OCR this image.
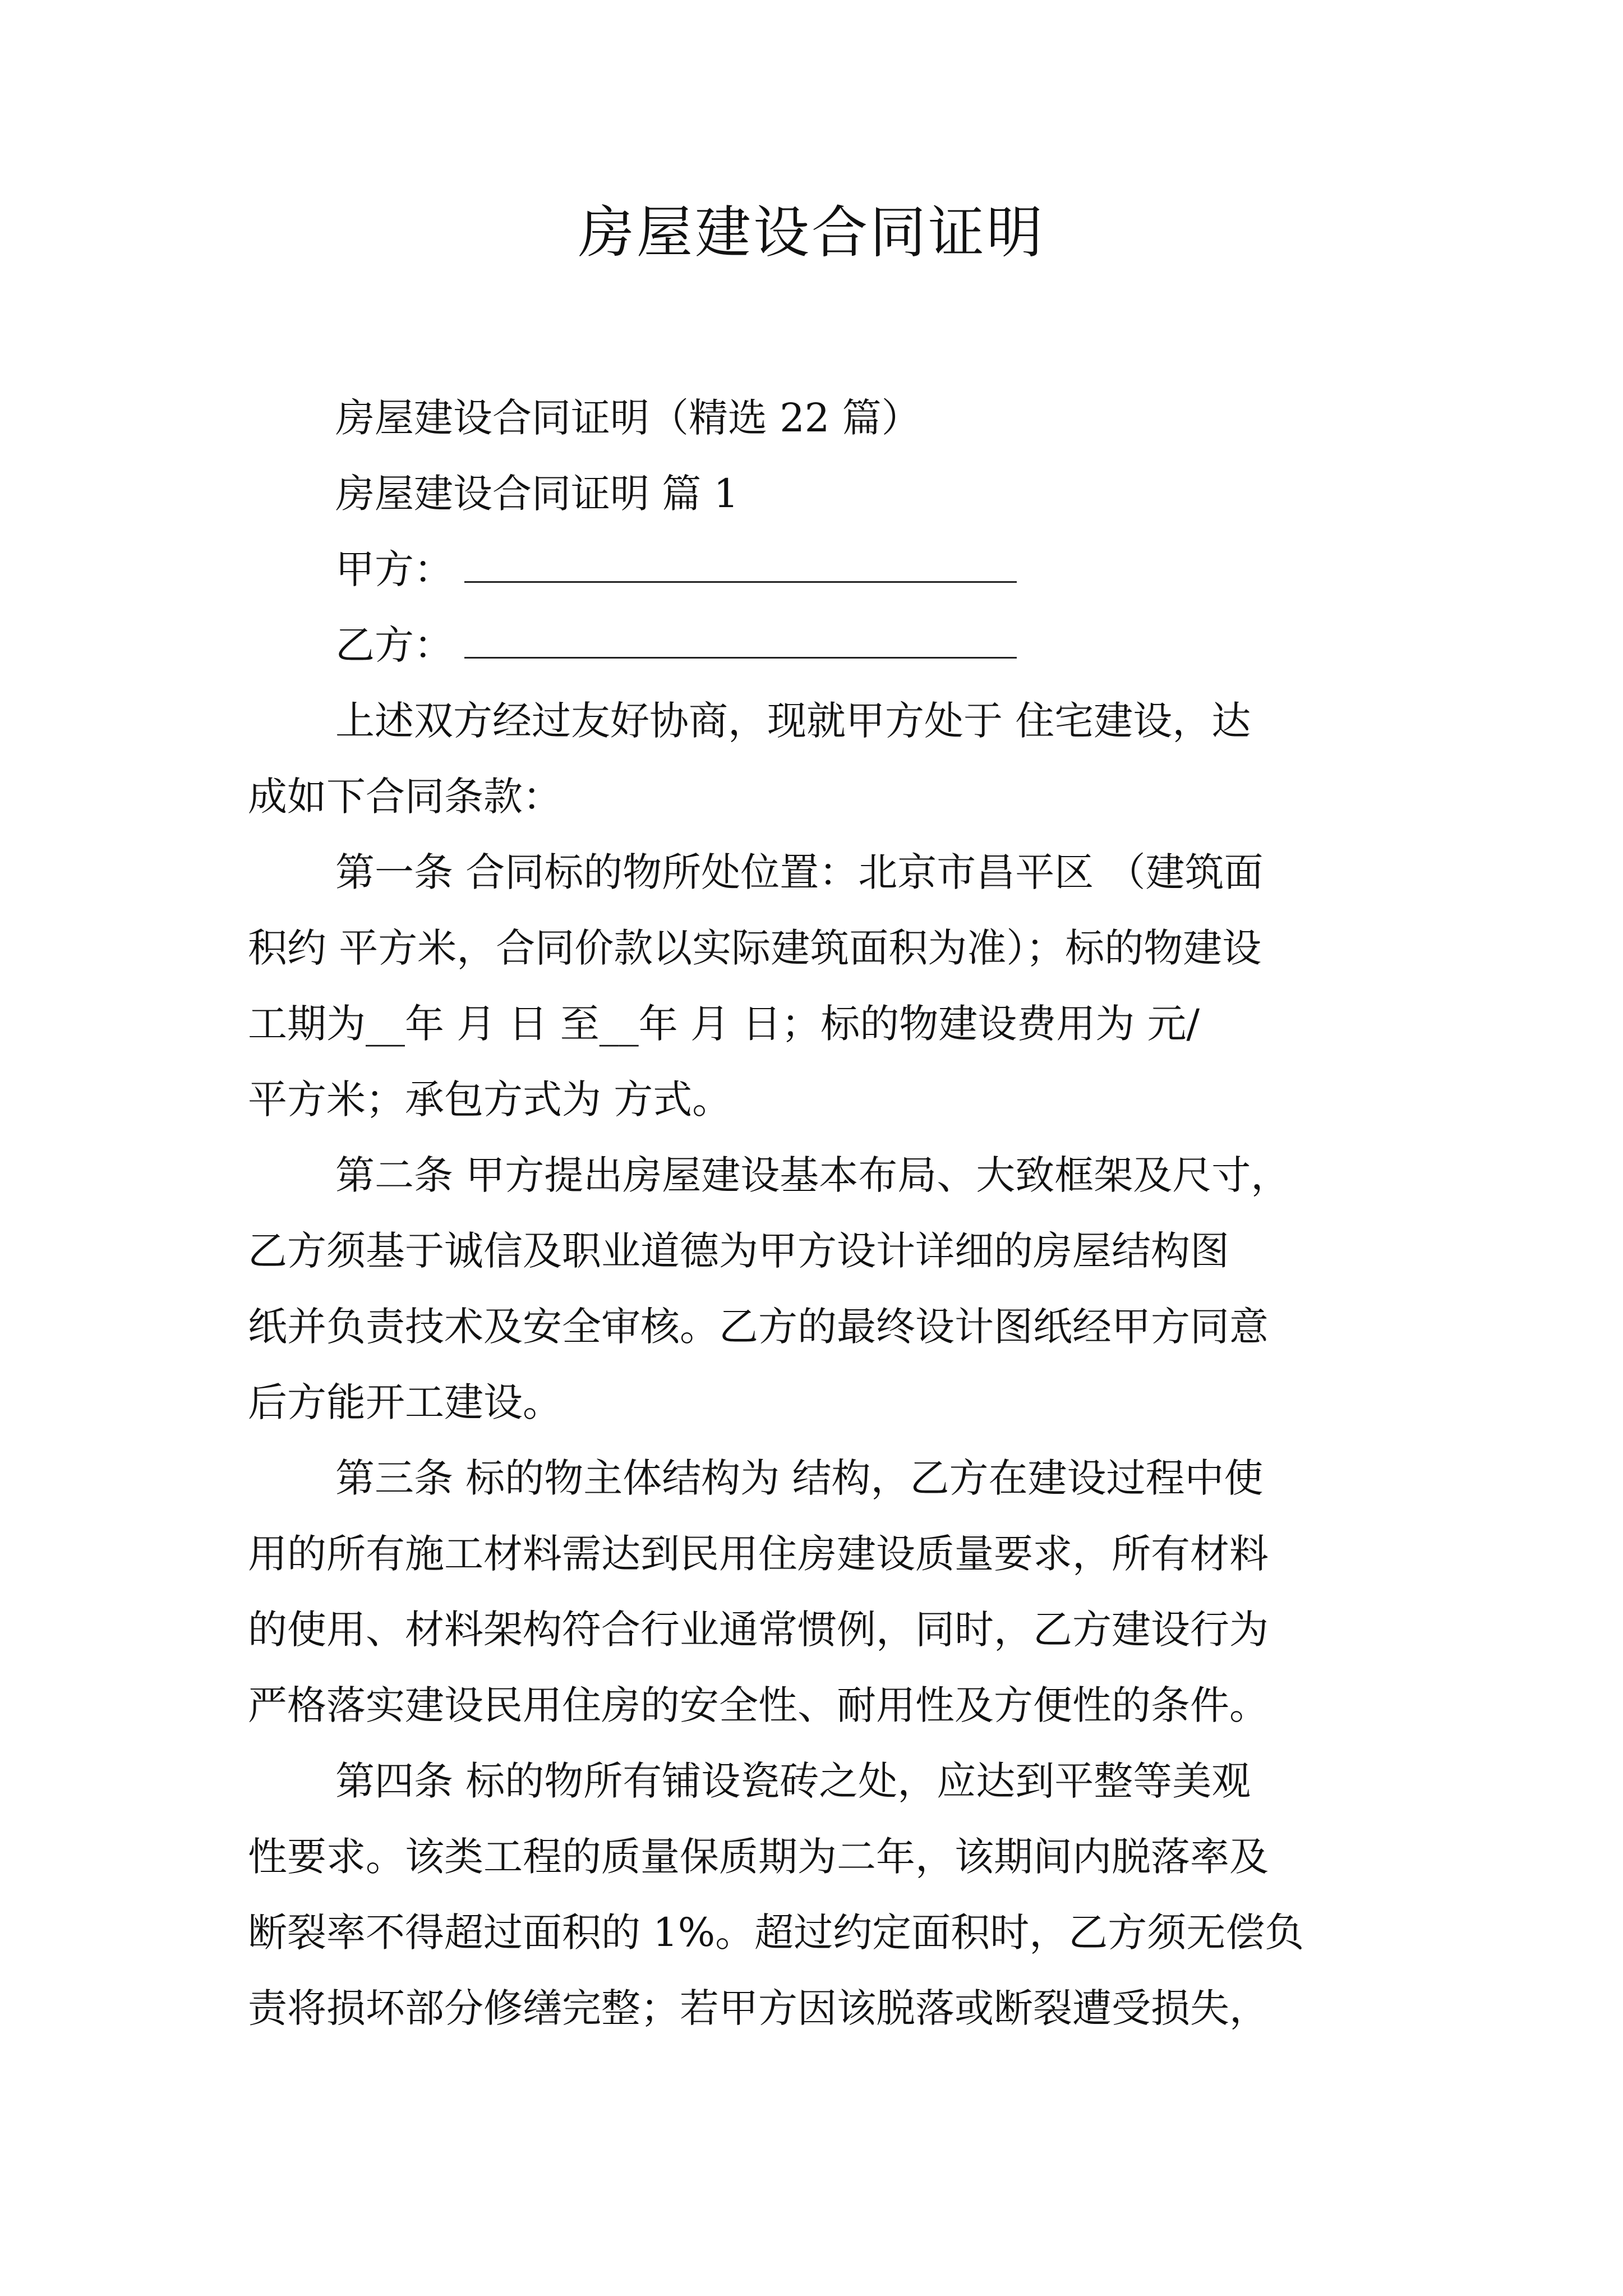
房屋建设合同证明

房屋建设合同证明（精选 22 篇）

房屋建设合同证明 篇 1

甲方：

乙方：

上述双方经过友好协商，现就甲方处于 住宅建设，达

成如下合同条款：

第一条 合同标的物所处位置：北京市昌平区 （建筑面

积约 平方米，合同价款以实际建筑面积为准）；标的物建设

工期为__年 月 日 至__年 月 日；标的物建设费用为 元/

平方米；承包方式为 方式。

第二条 甲方提出房屋建设基本布局、大致框架及尺寸，

乙方须基于诚信及职业道德为甲方设计详细的房屋结构图

纸并负责技术及安全审核。乙方的最终设计图纸经甲方同意

后方能开工建设。

第三条 标的物主体结构为 结构，乙方在建设过程中使

用的所有施工材料需达到民用住房建设质量要求，所有材料

的使用、材料架构符合行业通常惯例，同时，乙方建设行为

严格落实建设民用住房的安全性、耐用性及方便性的条件。

第四条 标的物所有铺设瓷砖之处，应达到平整等美观

性要求。该类工程的质量保质期为二年，该期间内脱落率及

断裂率不得超过面积的 1%。超过约定面积时，乙方须无偿负

责将损坏部分修缮完整；若甲方因该脱落或断裂遭受损失，
